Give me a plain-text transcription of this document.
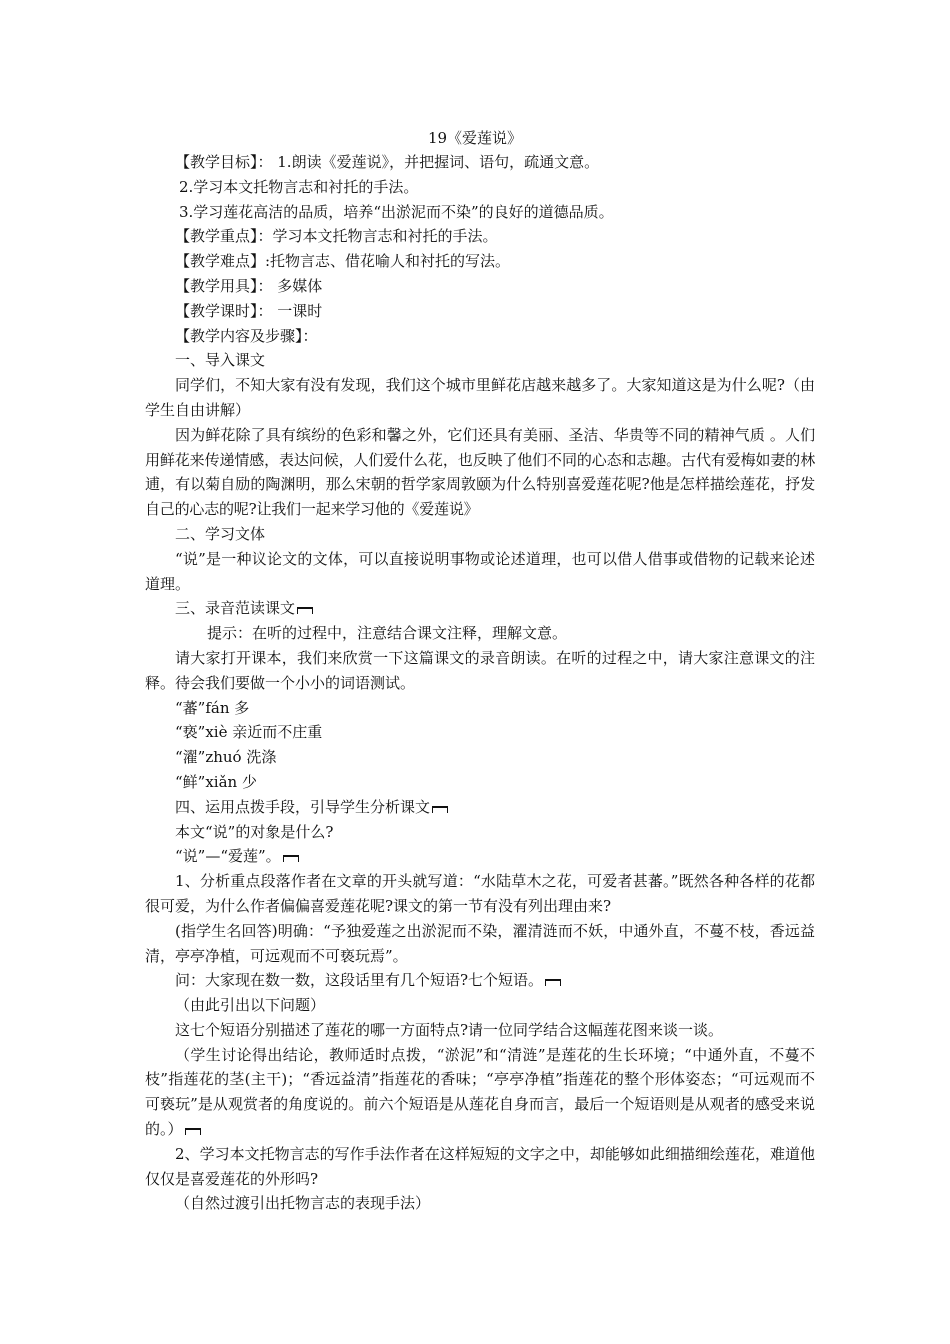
19《爱莲说》

【教学目标】： 1.朗读《爱莲说》，并把握词、语句，疏通文意。

2.学习本文托物言志和衬托的手法。

3.学习莲花高洁的品质，培养“出淤泥而不染”的良好的道德品质。

【教学重点】：学习本文托物言志和衬托的手法。

【教学难点】:托物言志、借花喻人和衬托的写法。

【教学用具】： 多媒体

【教学课时】： 一课时

【教学内容及步骤】：

一、导入课文

同学们，不知大家有没有发现，我们这个城市里鲜花店越来越多了。大家知道这是为什么呢?（由学生自由讲解）

因为鲜花除了具有缤纷的色彩和馨之外，它们还具有美丽、圣洁、华贵等不同的精神气质 。人们用鲜花来传递情感，表达问候，人们爱什么花，也反映了他们不同的心态和志趣。古代有爱梅如妻的林逋，有以菊自励的陶渊明，那么宋朝的哲学家周敦颐为什么特别喜爱莲花呢?他是怎样描绘莲花，抒发自己的心志的呢?让我们一起来学习他的《爱莲说》

二、学习文体

“说”是一种议论文的文体，可以直接说明事物或论述道理，也可以借人借事或借物的记载来论述道理。

三、录音范读课文

提示：在听的过程中，注意结合课文注释，理解文意。

请大家打开课本，我们来欣赏一下这篇课文的录音朗读。在听的过程之中，请大家注意课文的注释。待会我们要做一个小小的词语测试。

“蕃”fán 多

“亵”xiè 亲近而不庄重

“濯”zhuó 洗涤

“鲜”xiǎn 少

四、运用点拨手段，引导学生分析课文

本文“说”的对象是什么?

“说”—“爱莲”。

1、分析重点段落作者在文章的开头就写道：“水陆草木之花，可爱者甚蕃。”既然各种各样的花都很可爱，为什么作者偏偏喜爱莲花呢?课文的第一节有没有列出理由来?

(指学生名回答)明确：“予独爱莲之出淤泥而不染，濯清涟而不妖，中通外直，不蔓不枝，香远益清，亭亭净植，可远观而不可亵玩焉”。

问：大家现在数一数，这段话里有几个短语?七个短语。

（由此引出以下问题）

这七个短语分别描述了莲花的哪一方面特点?请一位同学结合这幅莲花图来谈一谈。

（学生讨论得出结论，教师适时点拨，“淤泥”和“清涟”是莲花的生长环境；“中通外直，不蔓不枝”指莲花的茎(主干)；“香远益清”指莲花的香味；“亭亭净植”指莲花的整个形体姿态；“可远观而不可亵玩”是从观赏者的角度说的。前六个短语是从莲花自身而言，最后一个短语则是从观者的感受来说的。）

2、学习本文托物言志的写作手法作者在这样短短的文字之中，却能够如此细描细绘莲花，难道他仅仅是喜爱莲花的外形吗?

（自然过渡引出托物言志的表现手法）
